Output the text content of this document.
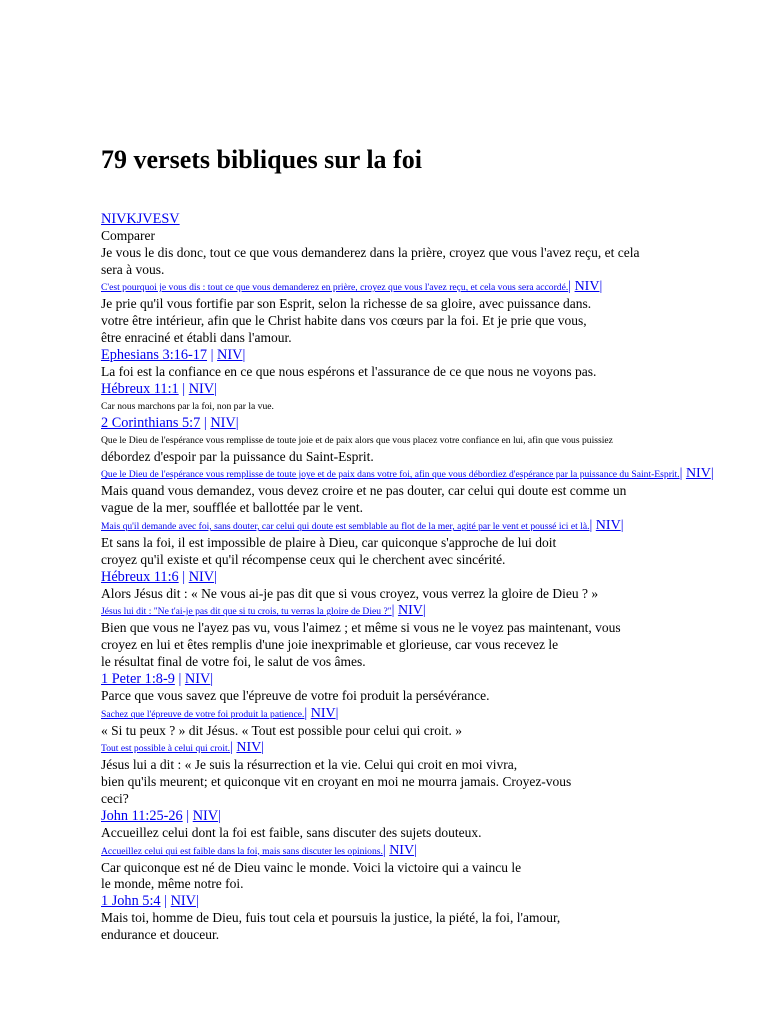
79 versets bibliques sur la foi
NIVKJVESV
Comparer
Je vous le dis donc, tout ce que vous demanderez dans la prière, croyez que vous l'avez reçu, et cela
sera à vous.
C'est pourquoi je vous dis : tout ce que vous demanderez en prière, croyez que vous l'avez reçu, et cela vous sera accordé.| NIV|
Je prie qu'il vous fortifie par son Esprit, selon la richesse de sa gloire, avec puissance dans.
votre être intérieur, afin que le Christ habite dans vos cœurs par la foi. Et je prie que vous,
être enraciné et établi dans l'amour.
Ephesians 3:16-17 | NIV|
La foi est la confiance en ce que nous espérons et l'assurance de ce que nous ne voyons pas.
Hébreux 11:1 | NIV|
Car nous marchons par la foi, non par la vue.
2 Corinthians 5:7 | NIV|
Que le Dieu de l'espérance vous remplisse de toute joie et de paix alors que vous placez votre confiance en lui, afin que vous puissiez
débordez d'espoir par la puissance du Saint-Esprit.
Que le Dieu de l'espérance vous remplisse de toute joye et de paix dans votre foi, afin que vous débordiez d'espérance par la puissance du Saint-Esprit.| NIV|
Mais quand vous demandez, vous devez croire et ne pas douter, car celui qui doute est comme un
vague de la mer, soufflée et ballottée par le vent.
Mais qu'il demande avec foi, sans douter, car celui qui doute est semblable au flot de la mer, agité par le vent et poussé ici et là.| NIV|
Et sans la foi, il est impossible de plaire à Dieu, car quiconque s'approche de lui doit
croyez qu'il existe et qu'il récompense ceux qui le cherchent avec sincérité.
Hébreux 11:6 | NIV|
Alors Jésus dit : « Ne vous ai-je pas dit que si vous croyez, vous verrez la gloire de Dieu ? »
Jésus lui dit : "Ne t'ai-je pas dit que si tu crois, tu verras la gloire de Dieu ?"| NIV|
Bien que vous ne l'ayez pas vu, vous l'aimez ; et même si vous ne le voyez pas maintenant, vous
croyez en lui et êtes remplis d'une joie inexprimable et glorieuse, car vous recevez le
le résultat final de votre foi, le salut de vos âmes.
1 Peter 1:8-9 | NIV|
Parce que vous savez que l'épreuve de votre foi produit la persévérance.
Sachez que l'épreuve de votre foi produit la patience.| NIV|
« Si tu peux ? » dit Jésus. « Tout est possible pour celui qui croit. »
Tout est possible à celui qui croit.| NIV|
Jésus lui a dit : « Je suis la résurrection et la vie. Celui qui croit en moi vivra,
bien qu'ils meurent; et quiconque vit en croyant en moi ne mourra jamais. Croyez-vous
ceci?
John 11:25-26 | NIV|
Accueillez celui dont la foi est faible, sans discuter des sujets douteux.
Accueillez celui qui est faible dans la foi, mais sans discuter les opinions.| NIV|
Car quiconque est né de Dieu vainc le monde. Voici la victoire qui a vaincu le
le monde, même notre foi.
1 John 5:4 | NIV|
Mais toi, homme de Dieu, fuis tout cela et poursuis la justice, la piété, la foi, l'amour,
endurance et douceur.
